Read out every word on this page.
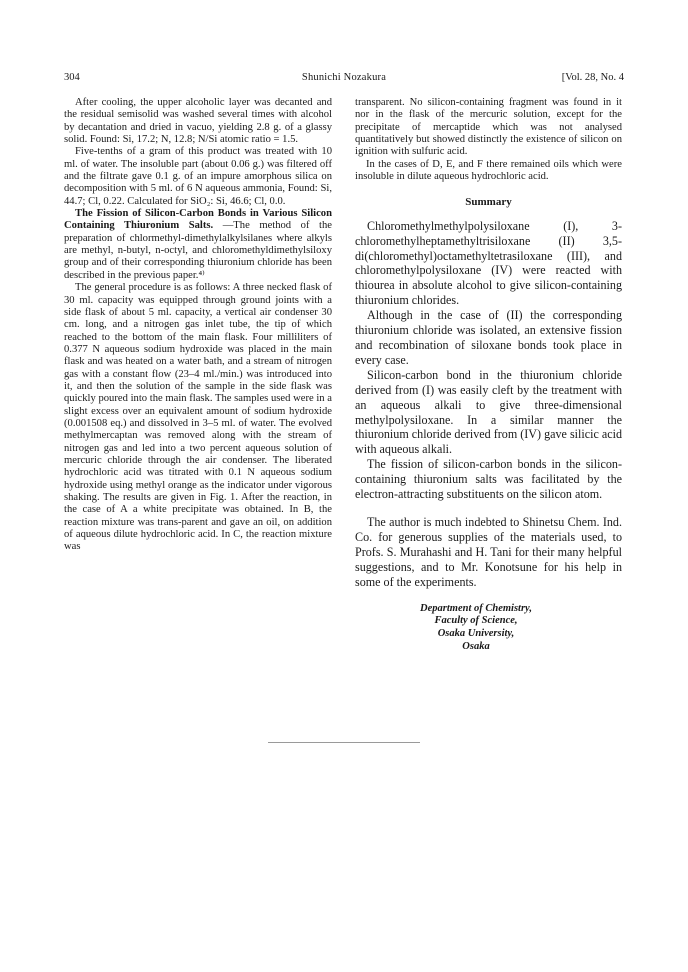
304	Shunichi Nozakura	[Vol. 28, No. 4

After cooling, the upper alcoholic layer was decanted and the residual semisolid was washed several times with alcohol by decantation and dried in vacuo, yielding 2.8 g. of a glassy solid. Found: Si, 17.2; N, 12.8; N/Si atomic ratio = 1.5.

Five-tenths of a gram of this product was treated with 10 ml. of water. The insoluble part (about 0.06 g.) was filtered off and the filtrate gave 0.1 g. of an impure amorphous silica on decomposition with 5 ml. of 6 N aqueous ammonia, Found: Si, 44.7; Cl, 0.22. Calculated for SiO₂: Si, 46.6; Cl, 0.0.

The Fission of Silicon-Carbon Bonds in Various Silicon Containing Thiuronium Salts. —The method of the preparation of chlormethyl-dimethylalkylsilanes where alkyls are methyl, n-butyl, n-octyl, and chloromethyldimethylsiloxy group and of their corresponding thiuronium chloride has been described in the previous paper.⁴⁾

The general procedure is as follows: A three necked flask of 30 ml. capacity was equipped through ground joints with a side flask of about 5 ml. capacity, a vertical air condenser 30 cm. long, and a nitrogen gas inlet tube, the tip of which reached to the bottom of the main flask. Four milliliters of 0.377 N aqueous sodium hydroxide was placed in the main flask and was heated on a water bath, and a stream of nitrogen gas with a constant flow (23–4 ml./min.) was introduced into it, and then the solution of the sample in the side flask was quickly poured into the main flask. The samples used were in a slight excess over an equivalent amount of sodium hydroxide (0.001508 eq.) and dissolved in 3–5 ml. of water. The evolved methylmercaptan was removed along with the stream of nitrogen gas and led into a two percent aqueous solution of mercuric chloride through the air condenser. The liberated hydrochloric acid was titrated with 0.1 N aqueous sodium hydroxide using methyl orange as the indicator under vigorous shaking. The results are given in Fig. 1. After the reaction, in the case of A a white precipitate was obtained. In B, the reaction mixture was trans-parent and gave an oil, on addition of aqueous dilute hydrochloric acid. In C, the reaction mixture was

transparent. No silicon-containing fragment was found in it nor in the flask of the mercuric solution, except for the precipitate of mercaptide which was not analysed quantitatively but showed distinctly the existence of silicon on ignition with sulfuric acid.

In the cases of D, E, and F there remained oils which were insoluble in dilute aqueous hydrochloric acid.

Summary

Chloromethylmethylpolysiloxane (I), 3-chloromethylheptamethyltrisiloxane (II) 3,5-di(chloromethyl)octamethyltetrasiloxane (III), and chloromethylpolysiloxane (IV) were reacted with thiourea in absolute alcohol to give silicon-containing thiuronium chlorides.

Although in the case of (II) the corresponding thiuronium chloride was isolated, an extensive fission and recombination of siloxane bonds took place in every case.

Silicon-carbon bond in the thiuronium chloride derived from (I) was easily cleft by the treatment with an aqueous alkali to give three-dimensional methylpolysiloxane. In a similar manner the thiuronium chloride derived from (IV) gave silicic acid with aqueous alkali.

The fission of silicon-carbon bonds in the silicon-containing thiuronium salts was facilitated by the electron-attracting substituents on the silicon atom.

The author is much indebted to Shinetsu Chem. Ind. Co. for generous supplies of the materials used, to Profs. S. Murahashi and H. Tani for their many helpful suggestions, and to Mr. Konotsune for his help in some of the experiments.

Department of Chemistry,
Faculty of Science,
Osaka University,
Osaka
